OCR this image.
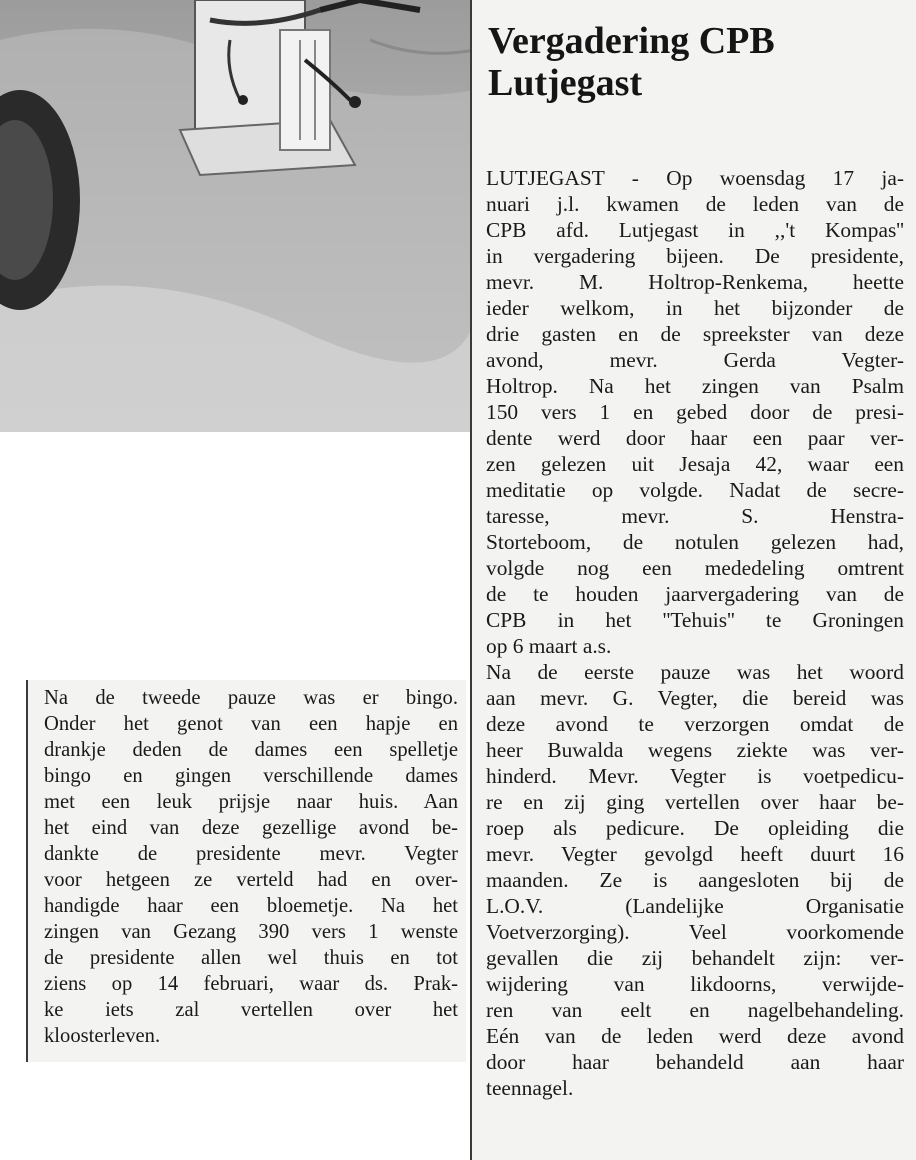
Vergadering CPB
Lutjegast
LUTJEGAST - Op woensdag 17 ja-
nuari j.l. kwamen de leden van de
CPB afd. Lutjegast in ,,'t Kompas''
in vergadering bijeen. De presidente,
mevr. M. Holtrop-Renkema, heette
ieder welkom, in het bijzonder de
drie gasten en de spreekster van deze
avond, mevr. Gerda Vegter-
Holtrop. Na het zingen van Psalm
150 vers 1 en gebed door de presi-
dente werd door haar een paar ver-
zen gelezen uit Jesaja 42, waar een
meditatie op volgde. Nadat de secre-
taresse, mevr. S. Henstra-
Storteboom, de notulen gelezen had,
volgde nog een mededeling omtrent
de te houden jaarvergadering van de
CPB in het ''Tehuis'' te Groningen
op 6 maart a.s.
Na de eerste pauze was het woord
aan mevr. G. Vegter, die bereid was
deze avond te verzorgen omdat de
heer Buwalda wegens ziekte was ver-
hinderd. Mevr. Vegter is voetpedicu-
re en zij ging vertellen over haar be-
roep als pedicure. De opleiding die
mevr. Vegter gevolgd heeft duurt 16
maanden. Ze is aangesloten bij de
L.O.V. (Landelijke Organisatie
Voetverzorging). Veel voorkomende
gevallen die zij behandelt zijn: ver-
wijdering van likdoorns, verwijde-
ren van eelt en nagelbehandeling.
Eén van de leden werd deze avond
door haar behandeld aan haar
teennagel.
Na de tweede pauze was er bingo.
Onder het genot van een hapje en
drankje deden de dames een spelletje
bingo en gingen verschillende dames
met een leuk prijsje naar huis. Aan
het eind van deze gezellige avond be-
dankte de presidente mevr. Vegter
voor hetgeen ze verteld had en over-
handigde haar een bloemetje. Na het
zingen van Gezang 390 vers 1 wenste
de presidente allen wel thuis en tot
ziens op 14 februari, waar ds. Prak-
ke iets zal vertellen over het
kloosterleven.
